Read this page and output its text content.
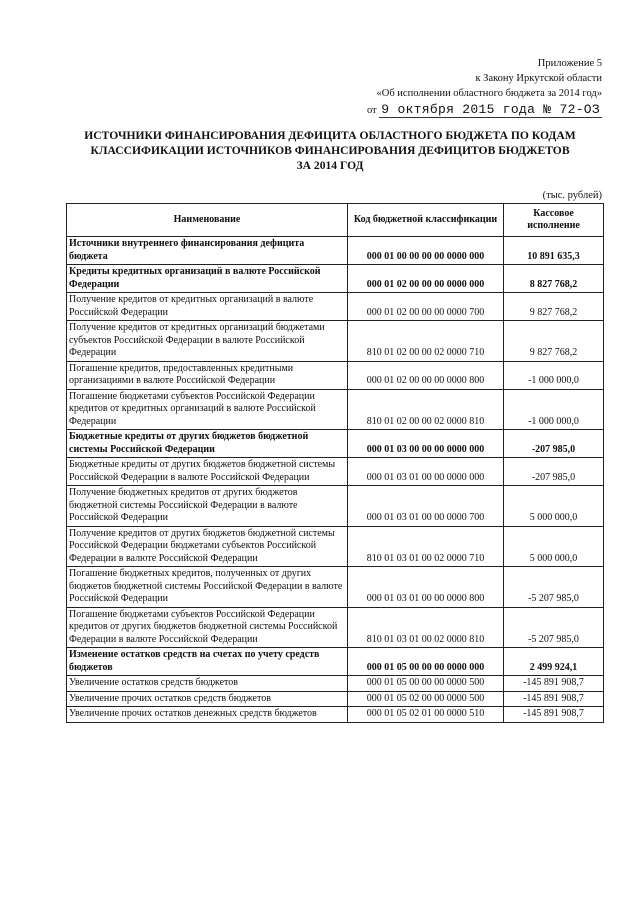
Приложение 5
к Закону Иркутской области
«Об исполнении областного бюджета за 2014 год»
от 9 октября 2015 года № 72-ОЗ
ИСТОЧНИКИ ФИНАНСИРОВАНИЯ ДЕФИЦИТА ОБЛАСТНОГО БЮДЖЕТА ПО КОДАМ
КЛАССИФИКАЦИИ ИСТОЧНИКОВ ФИНАНСИРОВАНИЯ ДЕФИЦИТОВ БЮДЖЕТОВ
ЗА 2014 ГОД
(тыс. рублей)
Наименование	Код бюджетной классификации	Кассовое исполнение
Источники внутреннего финансирования дефицита бюджета	000 01 00 00 00 00 0000 000	10 891 635,3
Кредиты кредитных организаций в валюте Российской Федерации	000 01 02 00 00 00 0000 000	8 827 768,2
Получение кредитов от кредитных организаций в валюте Российской Федерации	000 01 02 00 00 00 0000 700	9 827 768,2
Получение кредитов от кредитных организаций бюджетами субъектов Российской Федерации в валюте Российской Федерации	810 01 02 00 00 02 0000 710	9 827 768,2
Погашение кредитов, предоставленных кредитными организациями в валюте Российской Федерации	000 01 02 00 00 00 0000 800	-1 000 000,0
Погашение бюджетами субъектов Российской Федерации кредитов от кредитных организаций в валюте Российской Федерации	810 01 02 00 00 02 0000 810	-1 000 000,0
Бюджетные кредиты от других бюджетов бюджетной системы Российской Федерации	000 01 03 00 00 00 0000 000	-207 985,0
Бюджетные кредиты от других бюджетов бюджетной системы Российской Федерации в валюте Российской Федерации	000 01 03 01 00 00 0000 000	-207 985,0
Получение бюджетных кредитов от других бюджетов бюджетной системы Российской Федерации в валюте Российской Федерации	000 01 03 01 00 00 0000 700	5 000 000,0
Получение кредитов от других бюджетов бюджетной системы Российской Федерации бюджетами субъектов Российской Федерации в валюте Российской Федерации	810 01 03 01 00 02 0000 710	5 000 000,0
Погашение бюджетных кредитов, полученных от других бюджетов бюджетной системы Российской Федерации в валюте Российской Федерации	000 01 03 01 00 00 0000 800	-5 207 985,0
Погашение бюджетами субъектов Российской Федерации кредитов от других бюджетов бюджетной системы Российской Федерации в валюте Российской Федерации	810 01 03 01 00 02 0000 810	-5 207 985,0
Изменение остатков средств на счетах по учету средств бюджетов	000 01 05 00 00 00 0000 000	2 499 924,1
Увеличение остатков средств бюджетов	000 01 05 00 00 00 0000 500	-145 891 908,7
Увеличение прочих остатков средств бюджетов	000 01 05 02 00 00 0000 500	-145 891 908,7
Увеличение прочих остатков денежных средств бюджетов	000 01 05 02 01 00 0000 510	-145 891 908,7
